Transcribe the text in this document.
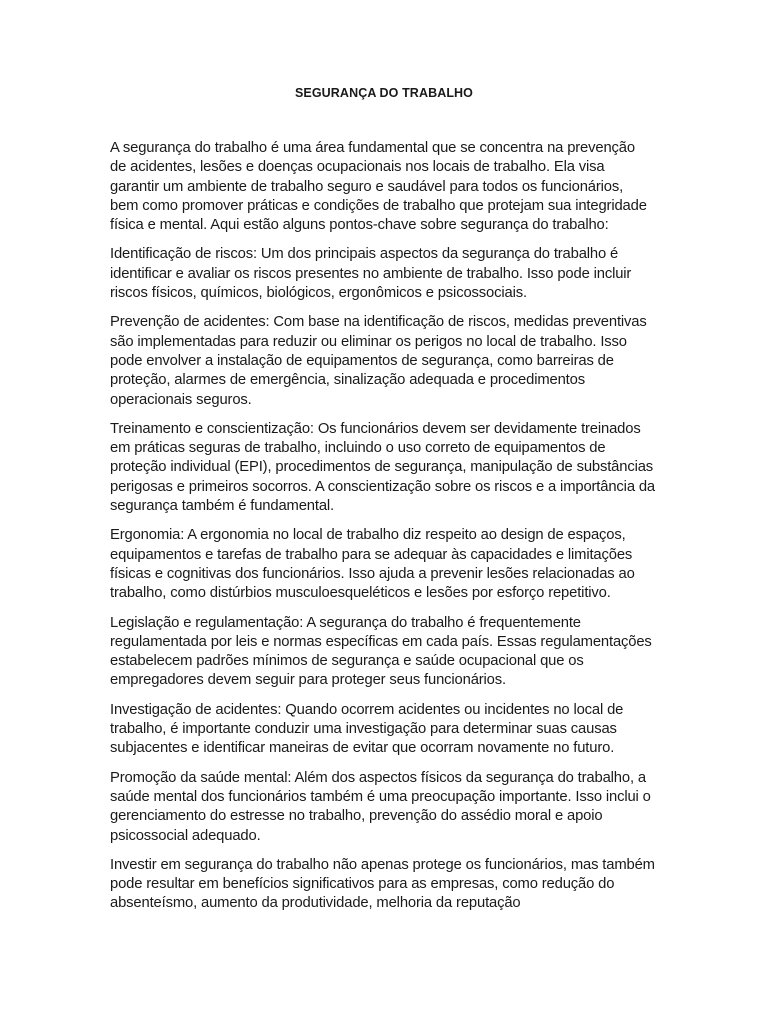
SEGURANÇA DO TRABALHO

A segurança do trabalho é uma área fundamental que se concentra na prevenção de acidentes, lesões e doenças ocupacionais nos locais de trabalho. Ela visa garantir um ambiente de trabalho seguro e saudável para todos os funcionários, bem como promover práticas e condições de trabalho que protejam sua integridade física e mental. Aqui estão alguns pontos-chave sobre segurança do trabalho:

Identificação de riscos: Um dos principais aspectos da segurança do trabalho é identificar e avaliar os riscos presentes no ambiente de trabalho. Isso pode incluir riscos físicos, químicos, biológicos, ergonômicos e psicossociais.

Prevenção de acidentes: Com base na identificação de riscos, medidas preventivas são implementadas para reduzir ou eliminar os perigos no local de trabalho. Isso pode envolver a instalação de equipamentos de segurança, como barreiras de proteção, alarmes de emergência, sinalização adequada e procedimentos operacionais seguros.

Treinamento e conscientização: Os funcionários devem ser devidamente treinados em práticas seguras de trabalho, incluindo o uso correto de equipamentos de proteção individual (EPI), procedimentos de segurança, manipulação de substâncias perigosas e primeiros socorros. A conscientização sobre os riscos e a importância da segurança também é fundamental.

Ergonomia: A ergonomia no local de trabalho diz respeito ao design de espaços, equipamentos e tarefas de trabalho para se adequar às capacidades e limitações físicas e cognitivas dos funcionários. Isso ajuda a prevenir lesões relacionadas ao trabalho, como distúrbios musculoesqueléticos e lesões por esforço repetitivo.

Legislação e regulamentação: A segurança do trabalho é frequentemente regulamentada por leis e normas específicas em cada país. Essas regulamentações estabelecem padrões mínimos de segurança e saúde ocupacional que os empregadores devem seguir para proteger seus funcionários.

Investigação de acidentes: Quando ocorrem acidentes ou incidentes no local de trabalho, é importante conduzir uma investigação para determinar suas causas subjacentes e identificar maneiras de evitar que ocorram novamente no futuro.

Promoção da saúde mental: Além dos aspectos físicos da segurança do trabalho, a saúde mental dos funcionários também é uma preocupação importante. Isso inclui o gerenciamento do estresse no trabalho, prevenção do assédio moral e apoio psicossocial adequado.

Investir em segurança do trabalho não apenas protege os funcionários, mas também pode resultar em benefícios significativos para as empresas, como redução do absenteísmo, aumento da produtividade, melhoria da reputação
